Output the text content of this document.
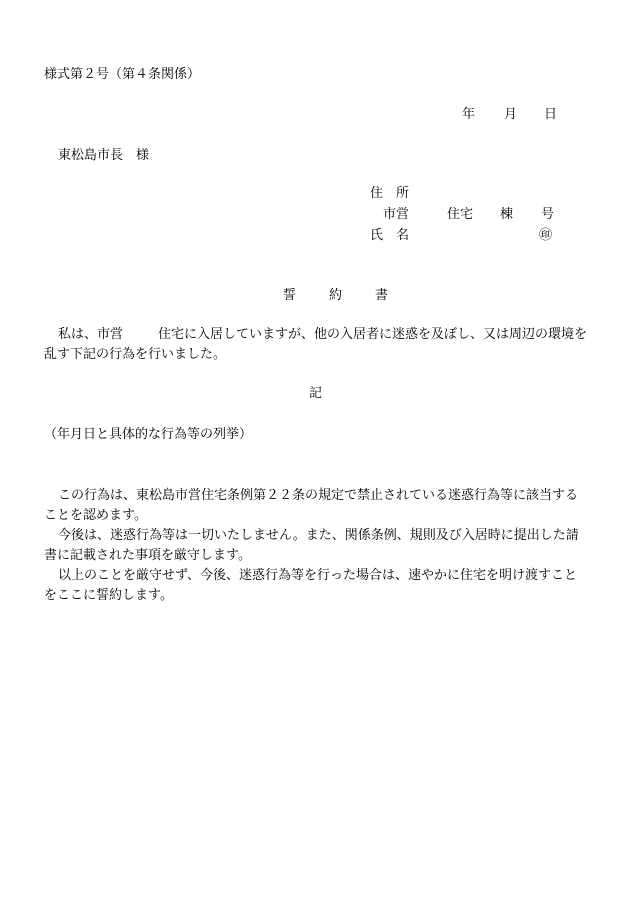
様式第２号（第４条関係）
年 月 日
東松島市長　様
住　所
市営	住宅 棟 号
氏　名	㊞
誓　約　書

私は、市営	住宅に入居していますが、他の入居者に迷惑を及ぼし、又は周辺の環境を乱す下記の行為を行いました。

記
（年月日と具体的な行為等の列挙）

この行為は、東松島市営住宅条例第２２条の規定で禁止されている迷惑行為等に該当することを認めます。

今後は、迷惑行為等は一切いたしません。また、関係条例、規則及び入居時に提出した請書に記載された事項を厳守します。

以上のことを厳守せず、今後、迷惑行為等を行った場合は、速やかに住宅を明け渡すことをここに誓約します。
